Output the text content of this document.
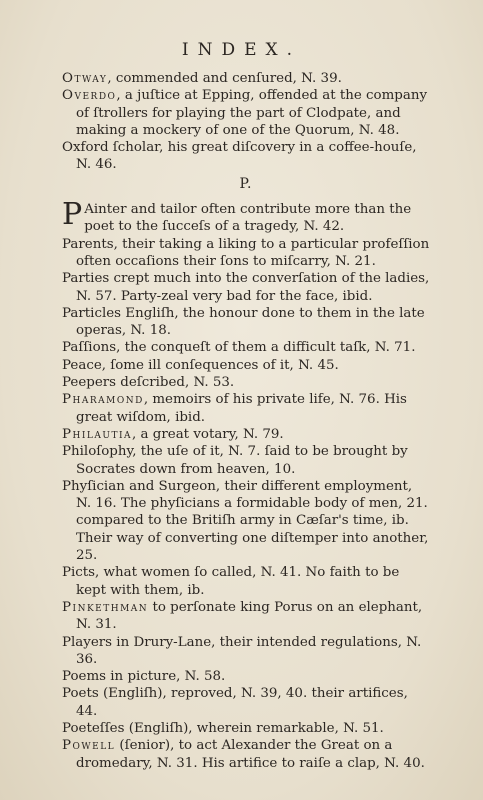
INDEX.

Otway, commended and cenſured, N. 39.

Overdo, a juſtice at Epping, offended at the company of ſtrollers for playing the part of Clodpate, and making a mockery of one of the Quorum, N. 48.

Oxford ſcholar, his great diſcovery in a coffee-houſe, N. 46.

P.

P Ainter and tailor often contribute more than the poet to the ſucceſs of a tragedy, N. 42.

Parents, their taking a liking to a particular profeſſion often occaſions their ſons to miſcarry, N. 21.

Parties crept much into the converſation of the ladies, N. 57. Party-zeal very bad for the face, ibid.

Particles Engliſh, the honour done to them in the late operas, N. 18.

Paſſions, the conqueſt of them a difficult taſk, N. 71.

Peace, ſome ill conſequences of it, N. 45.

Peepers deſcribed, N. 53.

Pharamond, memoirs of his private life, N. 76. His great wiſdom, ibid.

Philautia, a great votary, N. 79.

Philoſophy, the uſe of it, N. 7. ſaid to be brought by Socrates down from heaven, 10.

Phyſician and Surgeon, their different employment, N. 16. The phyſicians a formidable body of men, 21. compared to the Britiſh army in Cæſar's time, ib. Their way of converting one diſtemper into another, 25.

Picts, what women ſo called, N. 41. No faith to be kept with them, ib.

Pinkethman to perſonate king Porus on an elephant, N. 31.

Players in Drury-Lane, their intended regulations, N. 36.

Poems in picture, N. 58.

Poets (Engliſh), reproved, N. 39, 40. their artifices, 44.

Poeteſſes (Engliſh), wherein remarkable, N. 51.

Powell (ſenior), to act Alexander the Great on a dromedary, N. 31. His artifice to raiſe a clap, N. 40.
